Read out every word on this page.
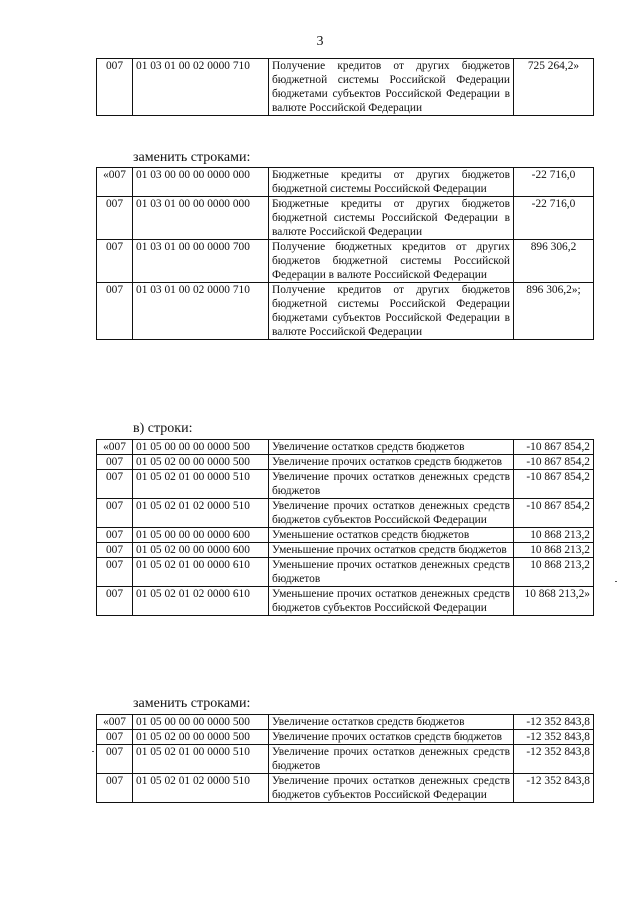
3
007	01 03 01 00 02 0000 710	Получение кредитов от других бюджетов бюджетной системы Российской Федерации бюджетами субъектов Российской Федерации в валюте Российской Федерации	725 264,2»
заменить строками:
«007	01 03 00 00 00 0000 000	Бюджетные кредиты от других бюджетов бюджетной системы Российской Федерации	-22 716,0
007	01 03 01 00 00 0000 000	Бюджетные кредиты от других бюджетов бюджетной системы Российской Федерации в валюте Российской Федерации	-22 716,0
007	01 03 01 00 00 0000 700	Получение бюджетных кредитов от других бюджетов бюджетной системы Российской Федерации в валюте Российской Федерации	896 306,2
007	01 03 01 00 02 0000 710	Получение кредитов от других бюджетов бюджетной системы Российской Федерации бюджетами субъектов Российской Федерации в валюте Российской Федерации	896 306,2»;
в) строки:
«007	01 05 00 00 00 0000 500	Увеличение остатков средств бюджетов	-10 867 854,2
007	01 05 02 00 00 0000 500	Увеличение прочих остатков средств бюджетов	-10 867 854,2
007	01 05 02 01 00 0000 510	Увеличение прочих остатков денежных средств бюджетов	-10 867 854,2
007	01 05 02 01 02 0000 510	Увеличение прочих остатков денежных средств бюджетов субъектов Российской Федерации	-10 867 854,2
007	01 05 00 00 00 0000 600	Уменьшение остатков средств бюджетов	10 868 213,2
007	01 05 02 00 00 0000 600	Уменьшение прочих остатков средств бюджетов	10 868 213,2
007	01 05 02 01 00 0000 610	Уменьшение прочих остатков денежных средств бюджетов	10 868 213,2
007	01 05 02 01 02 0000 610	Уменьшение прочих остатков денежных средств бюджетов субъектов Российской Федерации	10 868 213,2»
заменить строками:
«007	01 05 00 00 00 0000 500	Увеличение остатков средств бюджетов	-12 352 843,8
007	01 05 02 00 00 0000 500	Увеличение прочих остатков средств бюджетов	-12 352 843,8
007	01 05 02 01 00 0000 510	Увеличение прочих остатков денежных средств бюджетов	-12 352 843,8
007	01 05 02 01 02 0000 510	Увеличение прочих остатков денежных средств бюджетов субъектов Российской Федерации	-12 352 843,8
